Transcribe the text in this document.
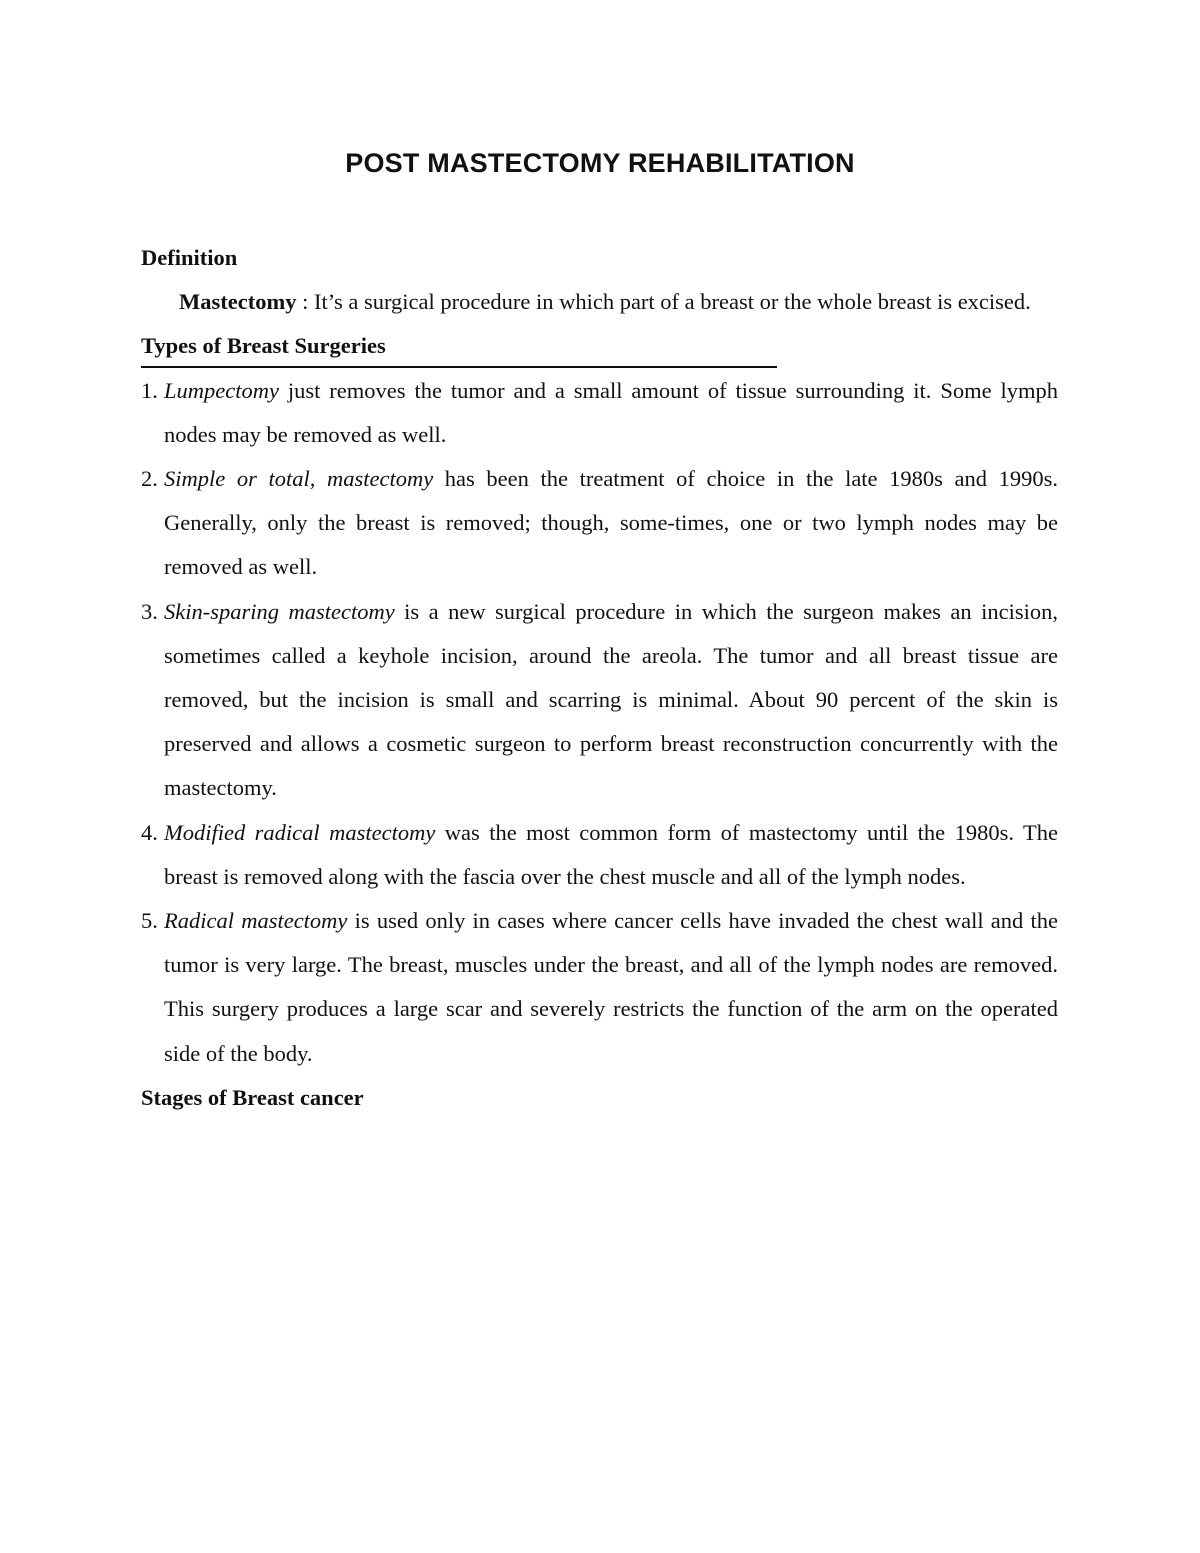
POST MASTECTOMY REHABILITATION

Definition

Mastectomy : It’s a surgical procedure in which part of a breast or the whole breast is excised.

Types of Breast Surgeries

1. Lumpectomy just removes the tumor and a small amount of tissue surrounding it. Some lymph nodes may be removed as well.
2. Simple or total, mastectomy has been the treatment of choice in the late 1980s and 1990s. Generally, only the breast is removed; though, some-times, one or two lymph nodes may be removed as well.
3. Skin-sparing mastectomy is a new surgical procedure in which the surgeon makes an incision, sometimes called a keyhole incision, around the areola. The tumor and all breast tissue are removed, but the incision is small and scarring is minimal. About 90 percent of the skin is preserved and allows a cosmetic surgeon to perform breast reconstruction concurrently with the mastectomy.
4. Modified radical mastectomy was the most common form of mastectomy until the 1980s. The breast is removed along with the fascia over the chest muscle and all of the lymph nodes.
5. Radical mastectomy is used only in cases where cancer cells have invaded the chest wall and the tumor is very large. The breast, muscles under the breast, and all of the lymph nodes are removed. This surgery produces a large scar and severely restricts the function of the arm on the operated side of the body.

Stages of Breast cancer
